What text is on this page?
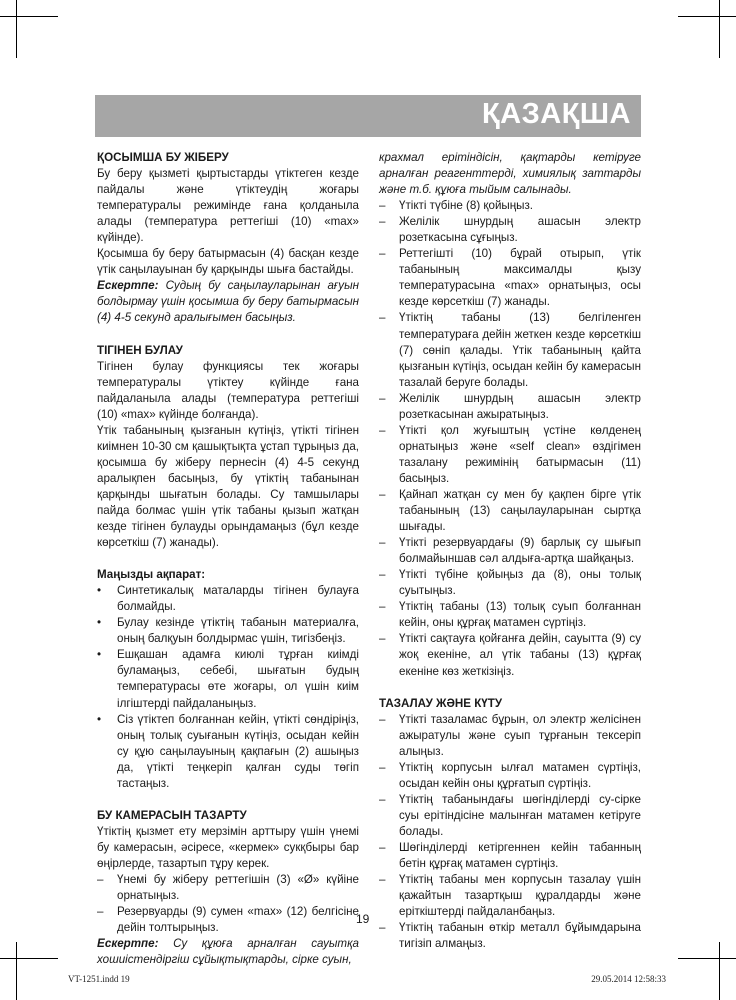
ҚАЗАҚША

ҚОСЫМША БУ ЖІБЕРУ

Бу беру қызметі қыртыстарды үтіктеген кезде пайдалы және үтіктеудің жоғары температуралы режимінде ғана қолданыла алады (температура реттегіші (10) «max» күйінде).

Қосымша бу беру батырмасын (4) басқан кезде үтік саңылауынан бу қарқынды шыға бастайды.

Ескертпе: Судың бу саңылауларынан ағуын болдырмау үшін қосымша бу беру батырмасын (4) 4-5 секунд аралығымен басыңыз.

ТІГІНЕН БУЛАУ

Тігінен булау функциясы тек жоғары температуралы үтіктеу күйінде ғана пайдаланыла алады (температура реттегіші (10) «max» күйінде болғанда).

Үтік табанының қызғанын күтіңіз, үтікті тігінен киімнен 10-30 см қашықтықта ұстап тұрыңыз да, қосымша бу жіберу пернесін (4) 4-5 секунд аралықпен басыңыз, бу үтіктің табанынан қарқынды шығатын болады. Су тамшылары пайда болмас үшін үтік табаны қызып жатқан кезде тігінен булауды орындамаңыз (бұл кезде көрсеткіш (7) жанады).

Маңызды ақпарат:

•	Синтетикалық маталарды тігінен булауға болмайды.
•	Булау кезінде үтіктің табанын материалға, оның балқуын болдырмас үшін, тигізбеңіз.
•	Ешқашан адамға киюлі тұрған киімді буламаңыз, себебі, шығатын будың температурасы өте жоғары, ол үшін киім ілгіштерді пайдаланыңыз.
•	Сіз үтіктеп болғаннан кейін, үтікті сөндіріңіз, оның толық суығанын күтіңіз, осыдан кейін су құю саңылауының қақпағын (2) ашыңыз да, үтікті теңкеріп қалған суды төгіп тастаңыз.

БУ КАМЕРАСЫН ТАЗАРТУ

Үтіктің қызмет ету мерзімін арттыру үшін үнемі бу камерасын, әсіресе, «кермек» сукқбыры бар өңірлерде, тазартып тұру керек.

–	Үнемі бу жіберу реттегішін (3) «Ø» күйіне орнатыңыз.
–	Резервуарды (9) сумен «max» (12) белгісіне дейін толтырыңыз.

Ескертпе: Су құюға арналған сауытқа хошиістендіргіш сұйықтықтарды, сірке суын,

крахмал ерітіндісін, қақтарды кетіруге арналған реагенттерді, химиялық заттарды және т.б. құюға тыйым салынады.

–	Үтікті түбіне (8) қойыңыз.
–	Желілік шнурдың ашасын электр розеткасына сұғыңыз.
–	Реттегішті (10) бұрай отырып, үтік табанының максималды қызу температурасына «max» орнатыңыз, осы кезде көрсеткіш (7) жанады.
–	Үтіктің табаны (13) белгіленген температураға дейін жеткен кезде көрсеткіш (7) сөніп қалады. Үтік табанының қайта қызғанын күтіңіз, осыдан кейін бу камерасын тазалай беруге болады.
–	Желілік шнурдың ашасын электр розеткасынан ажыратыңыз.
–	Үтікті қол жуғыштың үстіне көлденең орнатыңыз және «self clean» өздігімен тазалану режимінің батырмасын (11) басыңыз.
–	Қайнап жатқан су мен бу қақпен бірге үтік табанының (13) саңылауларынан сыртқа шығады.
–	Үтікті резервуардағы (9) барлық су шығып болмайыншав сәл алдыға-артқа шайқаңыз.
–	Үтікті түбіне қойыңыз да (8), оны толық суытыңыз.
–	Үтіктің табаны (13) толық суып болғаннан кейін, оны құрғақ матамен сүртіңіз.
–	Үтікті сақтауға қойғанға дейін, сауытта (9) су жоқ екеніне, ал үтік табаны (13) құрғақ екеніне көз жеткізіңіз.

ТАЗАЛАУ ЖӘНЕ КҮТУ

–	Үтікті тазаламас бұрын, ол электр желісінен ажыратулы және суып тұрғанын тексеріп алыңыз.
–	Үтіктің корпусын ылғал матамен сүртіңіз, осыдан кейін оны құрғатып сүртіңіз.
–	Үтіктің табанындағы шөгінділерді су-сірке суы ерітіндісіне малынған матамен кетіруге болады.
–	Шөгінділерді кетіргеннен кейін табанның бетін құрғақ матамен сүртіңіз.
–	Үтіктің табаны мен корпусын тазалау үшін қажайтын тазартқыш құралдарды және еріткіштерді пайдаланбаңыз.
–	Үтіктің табанын өткір металл бұйымдарына тигізіп алмаңыз.
19
VT-1251.indd 19	29.05.2014 12:58:33
